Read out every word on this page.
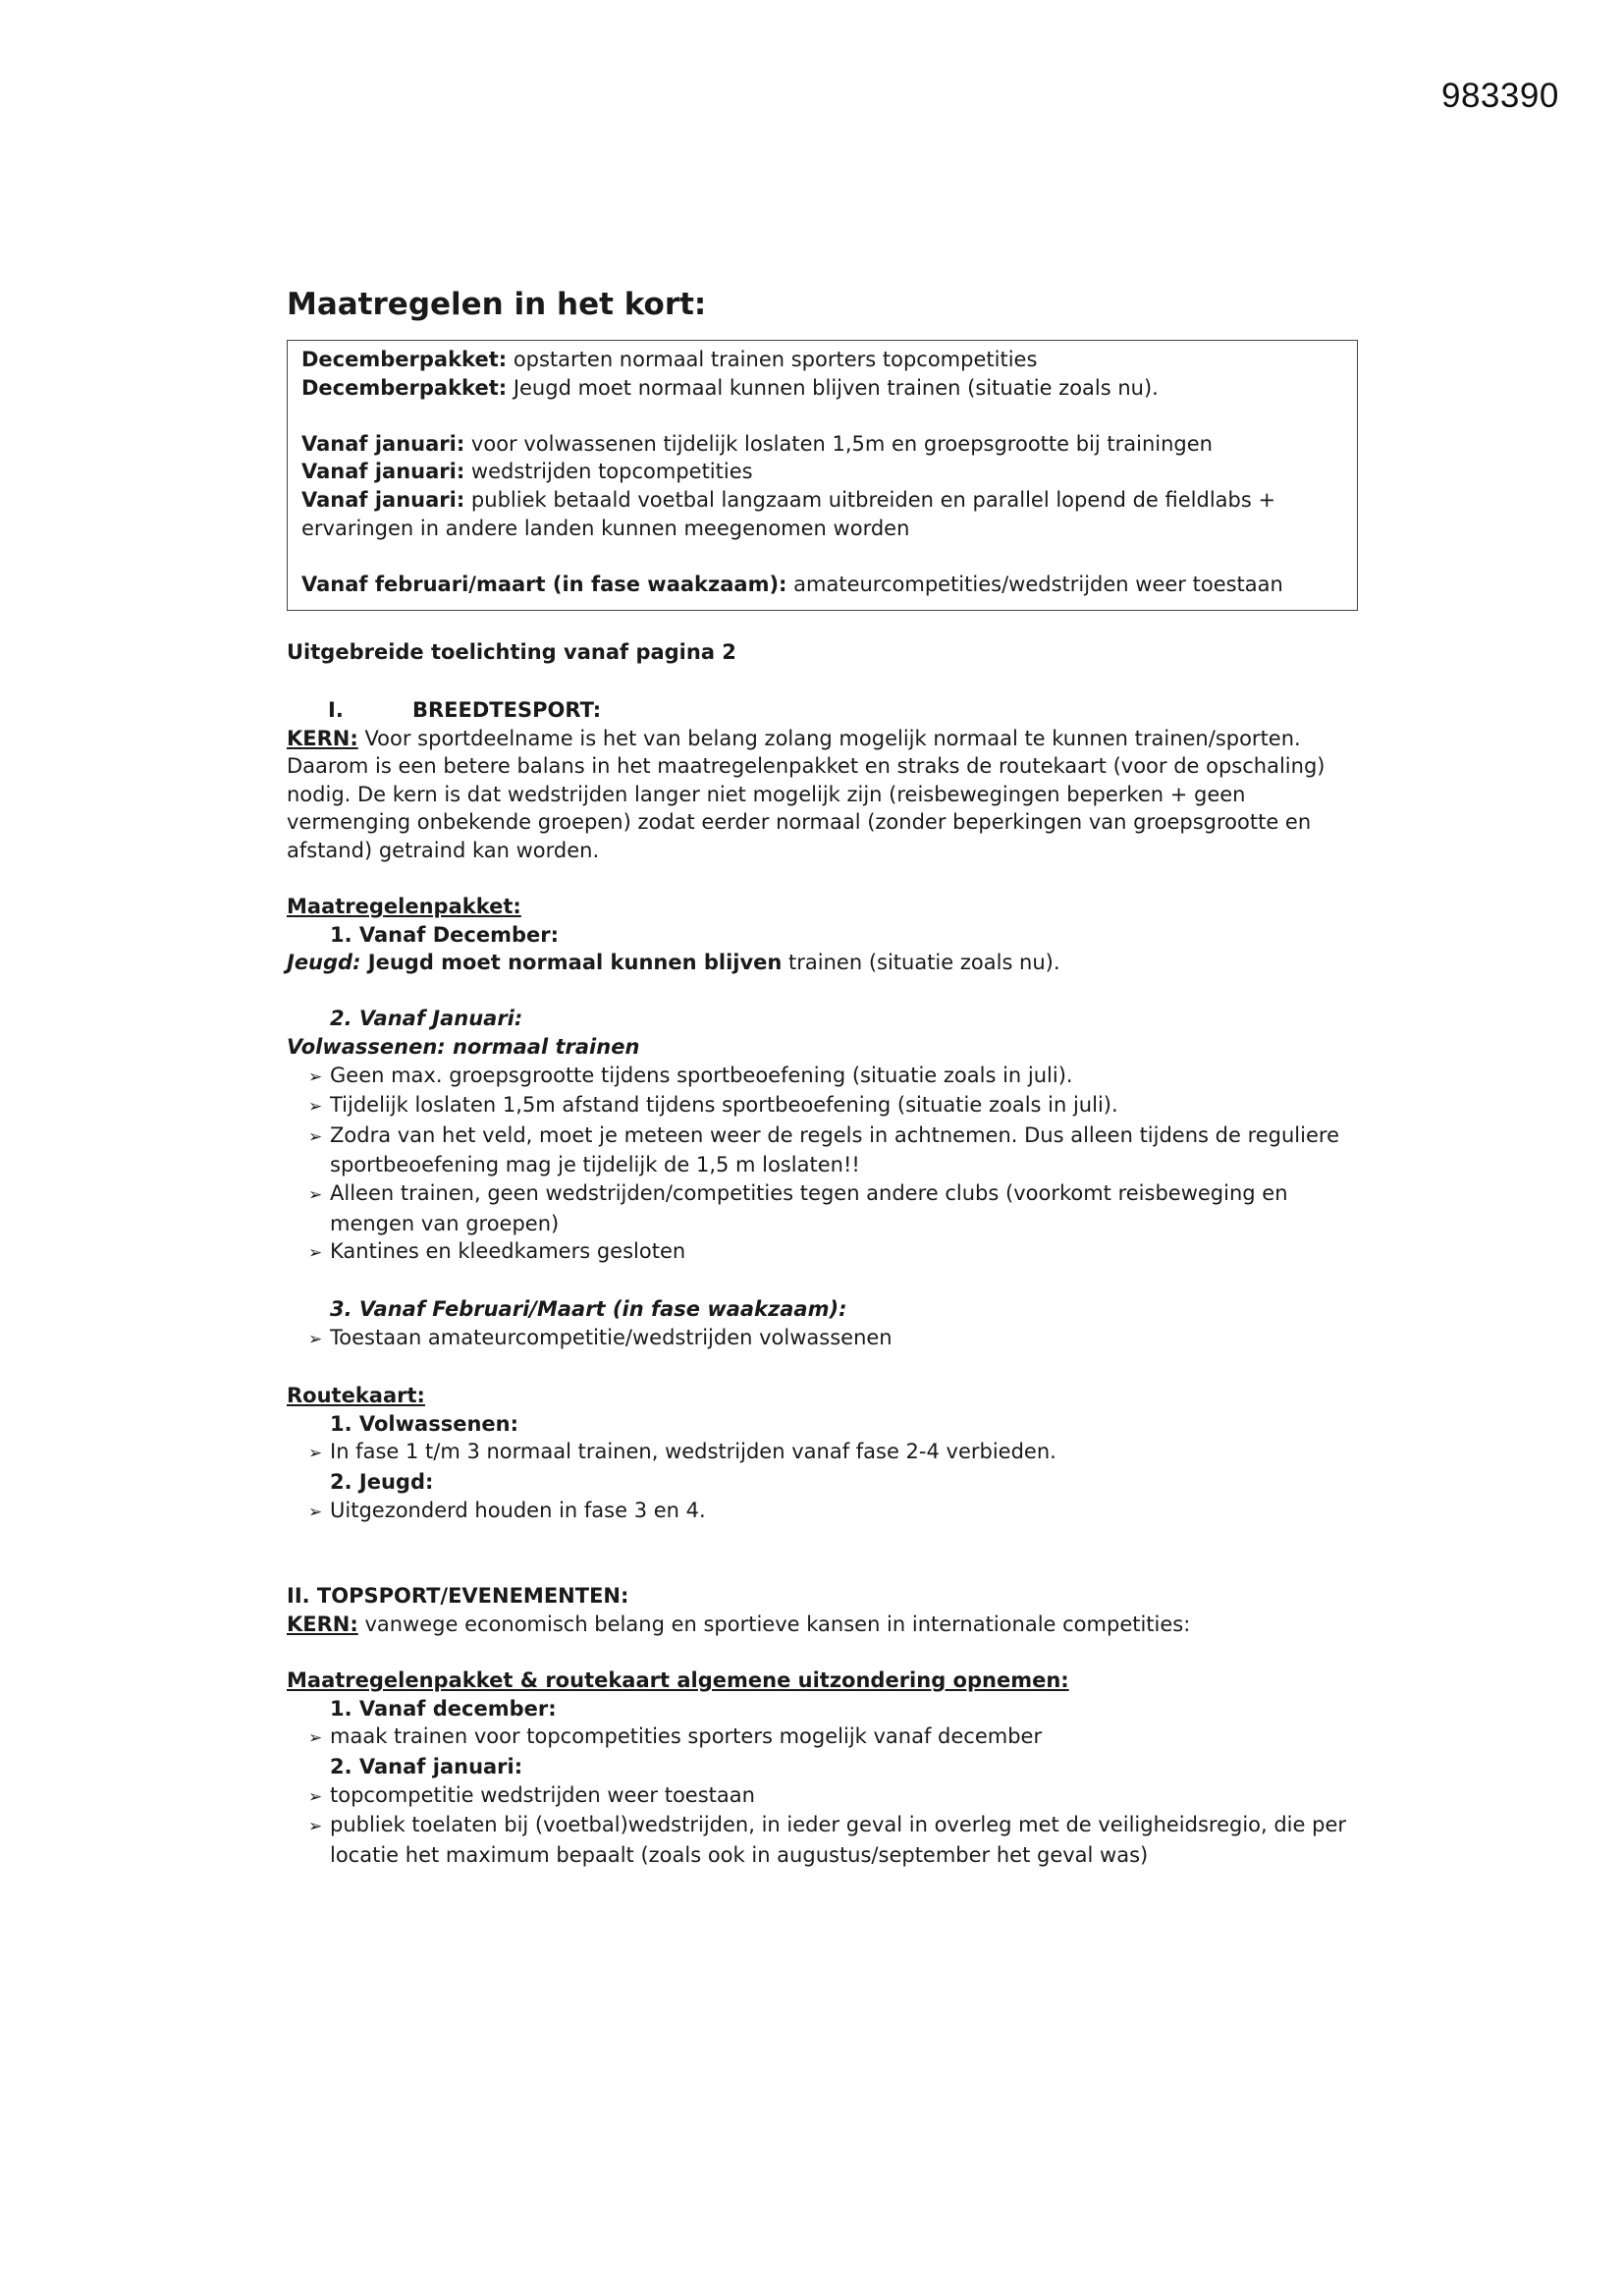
983390
Maatregelen in het kort:

Decemberpakket: opstarten normaal trainen sporters topcompetities

Decemberpakket: Jeugd moet normaal kunnen blijven trainen (situatie zoals nu).

Vanaf januari: voor volwassenen tijdelijk loslaten 1,5m en groepsgrootte bij trainingen

Vanaf januari: wedstrijden topcompetities

Vanaf januari: publiek betaald voetbal langzaam uitbreiden en parallel lopend de fieldlabs + ervaringen in andere landen kunnen meegenomen worden

Vanaf februari/maart (in fase waakzaam): amateurcompetities/wedstrijden weer toestaan

Uitgebreide toelichting vanaf pagina 2

I.	BREEDTESPORT:

KERN: Voor sportdeelname is het van belang zolang mogelijk normaal te kunnen trainen/sporten. Daarom is een betere balans in het maatregelenpakket en straks de routekaart (voor de opschaling) nodig. De kern is dat wedstrijden langer niet mogelijk zijn (reisbewegingen beperken + geen vermenging onbekende groepen) zodat eerder normaal (zonder beperkingen van groepsgrootte en afstand) getraind kan worden.

Maatregelenpakket:

1. Vanaf December:

Jeugd: Jeugd moet normaal kunnen blijven trainen (situatie zoals nu).

2. Vanaf Januari:

Volwassenen: normaal trainen

➢ Geen max. groepsgrootte tijdens sportbeoefening (situatie zoals in juli).
➢ Tijdelijk loslaten 1,5m afstand tijdens sportbeoefening (situatie zoals in juli).
➢ Zodra van het veld, moet je meteen weer de regels in achtnemen. Dus alleen tijdens de reguliere sportbeoefening mag je tijdelijk de 1,5 m loslaten!!
➢ Alleen trainen, geen wedstrijden/competities tegen andere clubs (voorkomt reisbeweging en mengen van groepen)
➢ Kantines en kleedkamers gesloten

3. Vanaf Februari/Maart (in fase waakzaam):

➢ Toestaan amateurcompetitie/wedstrijden volwassenen

Routekaart:

1. Volwassenen:

➢ In fase 1 t/m 3 normaal trainen, wedstrijden vanaf fase 2-4 verbieden.

2. Jeugd:

➢ Uitgezonderd houden in fase 3 en 4.

II. TOPSPORT/EVENEMENTEN:

KERN: vanwege economisch belang en sportieve kansen in internationale competities:

Maatregelenpakket & routekaart algemene uitzondering opnemen:

1. Vanaf december:

➢ maak trainen voor topcompetities sporters mogelijk vanaf december

2. Vanaf januari:

➢ topcompetitie wedstrijden weer toestaan
➢ publiek toelaten bij (voetbal)wedstrijden, in ieder geval in overleg met de veiligheidsregio, die per locatie het maximum bepaalt (zoals ook in augustus/september het geval was)
